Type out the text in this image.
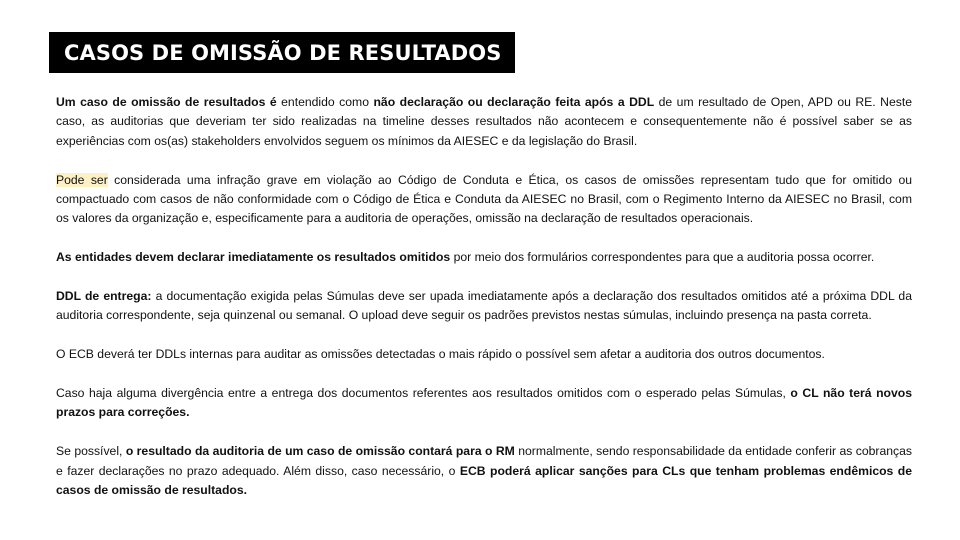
CASOS DE OMISSÃO DE RESULTADOS

Um caso de omissão de resultados é entendido como não declaração ou declaração feita após a DDL de um resultado de Open, APD ou RE. Neste caso, as auditorias que deveriam ter sido realizadas na timeline desses resultados não acontecem e consequentemente não é possível saber se as experiências com os(as) stakeholders envolvidos seguem os mínimos da AIESEC e da legislação do Brasil.

Pode ser considerada uma infração grave em violação ao Código de Conduta e Ética, os casos de omissões representam tudo que for omitido ou compactuado com casos de não conformidade com o Código de Ética e Conduta da AIESEC no Brasil, com o Regimento Interno da AIESEC no Brasil, com os valores da organização e, especificamente para a auditoria de operações, omissão na declaração de resultados operacionais.

As entidades devem declarar imediatamente os resultados omitidos por meio dos formulários correspondentes para que a auditoria possa ocorrer.

DDL de entrega: a documentação exigida pelas Súmulas deve ser upada imediatamente após a declaração dos resultados omitidos até a próxima DDL da auditoria correspondente, seja quinzenal ou semanal. O upload deve seguir os padrões previstos nestas súmulas, incluindo presença na pasta correta.

O ECB deverá ter DDLs internas para auditar as omissões detectadas o mais rápido o possível sem afetar a auditoria dos outros documentos.

Caso haja alguma divergência entre a entrega dos documentos referentes aos resultados omitidos com o esperado pelas Súmulas, o CL não terá novos prazos para correções.

Se possível, o resultado da auditoria de um caso de omissão contará para o RM normalmente, sendo responsabilidade da entidade conferir as cobranças e fazer declarações no prazo adequado. Além disso, caso necessário, o ECB poderá aplicar sanções para CLs que tenham problemas endêmicos de casos de omissão de resultados.
